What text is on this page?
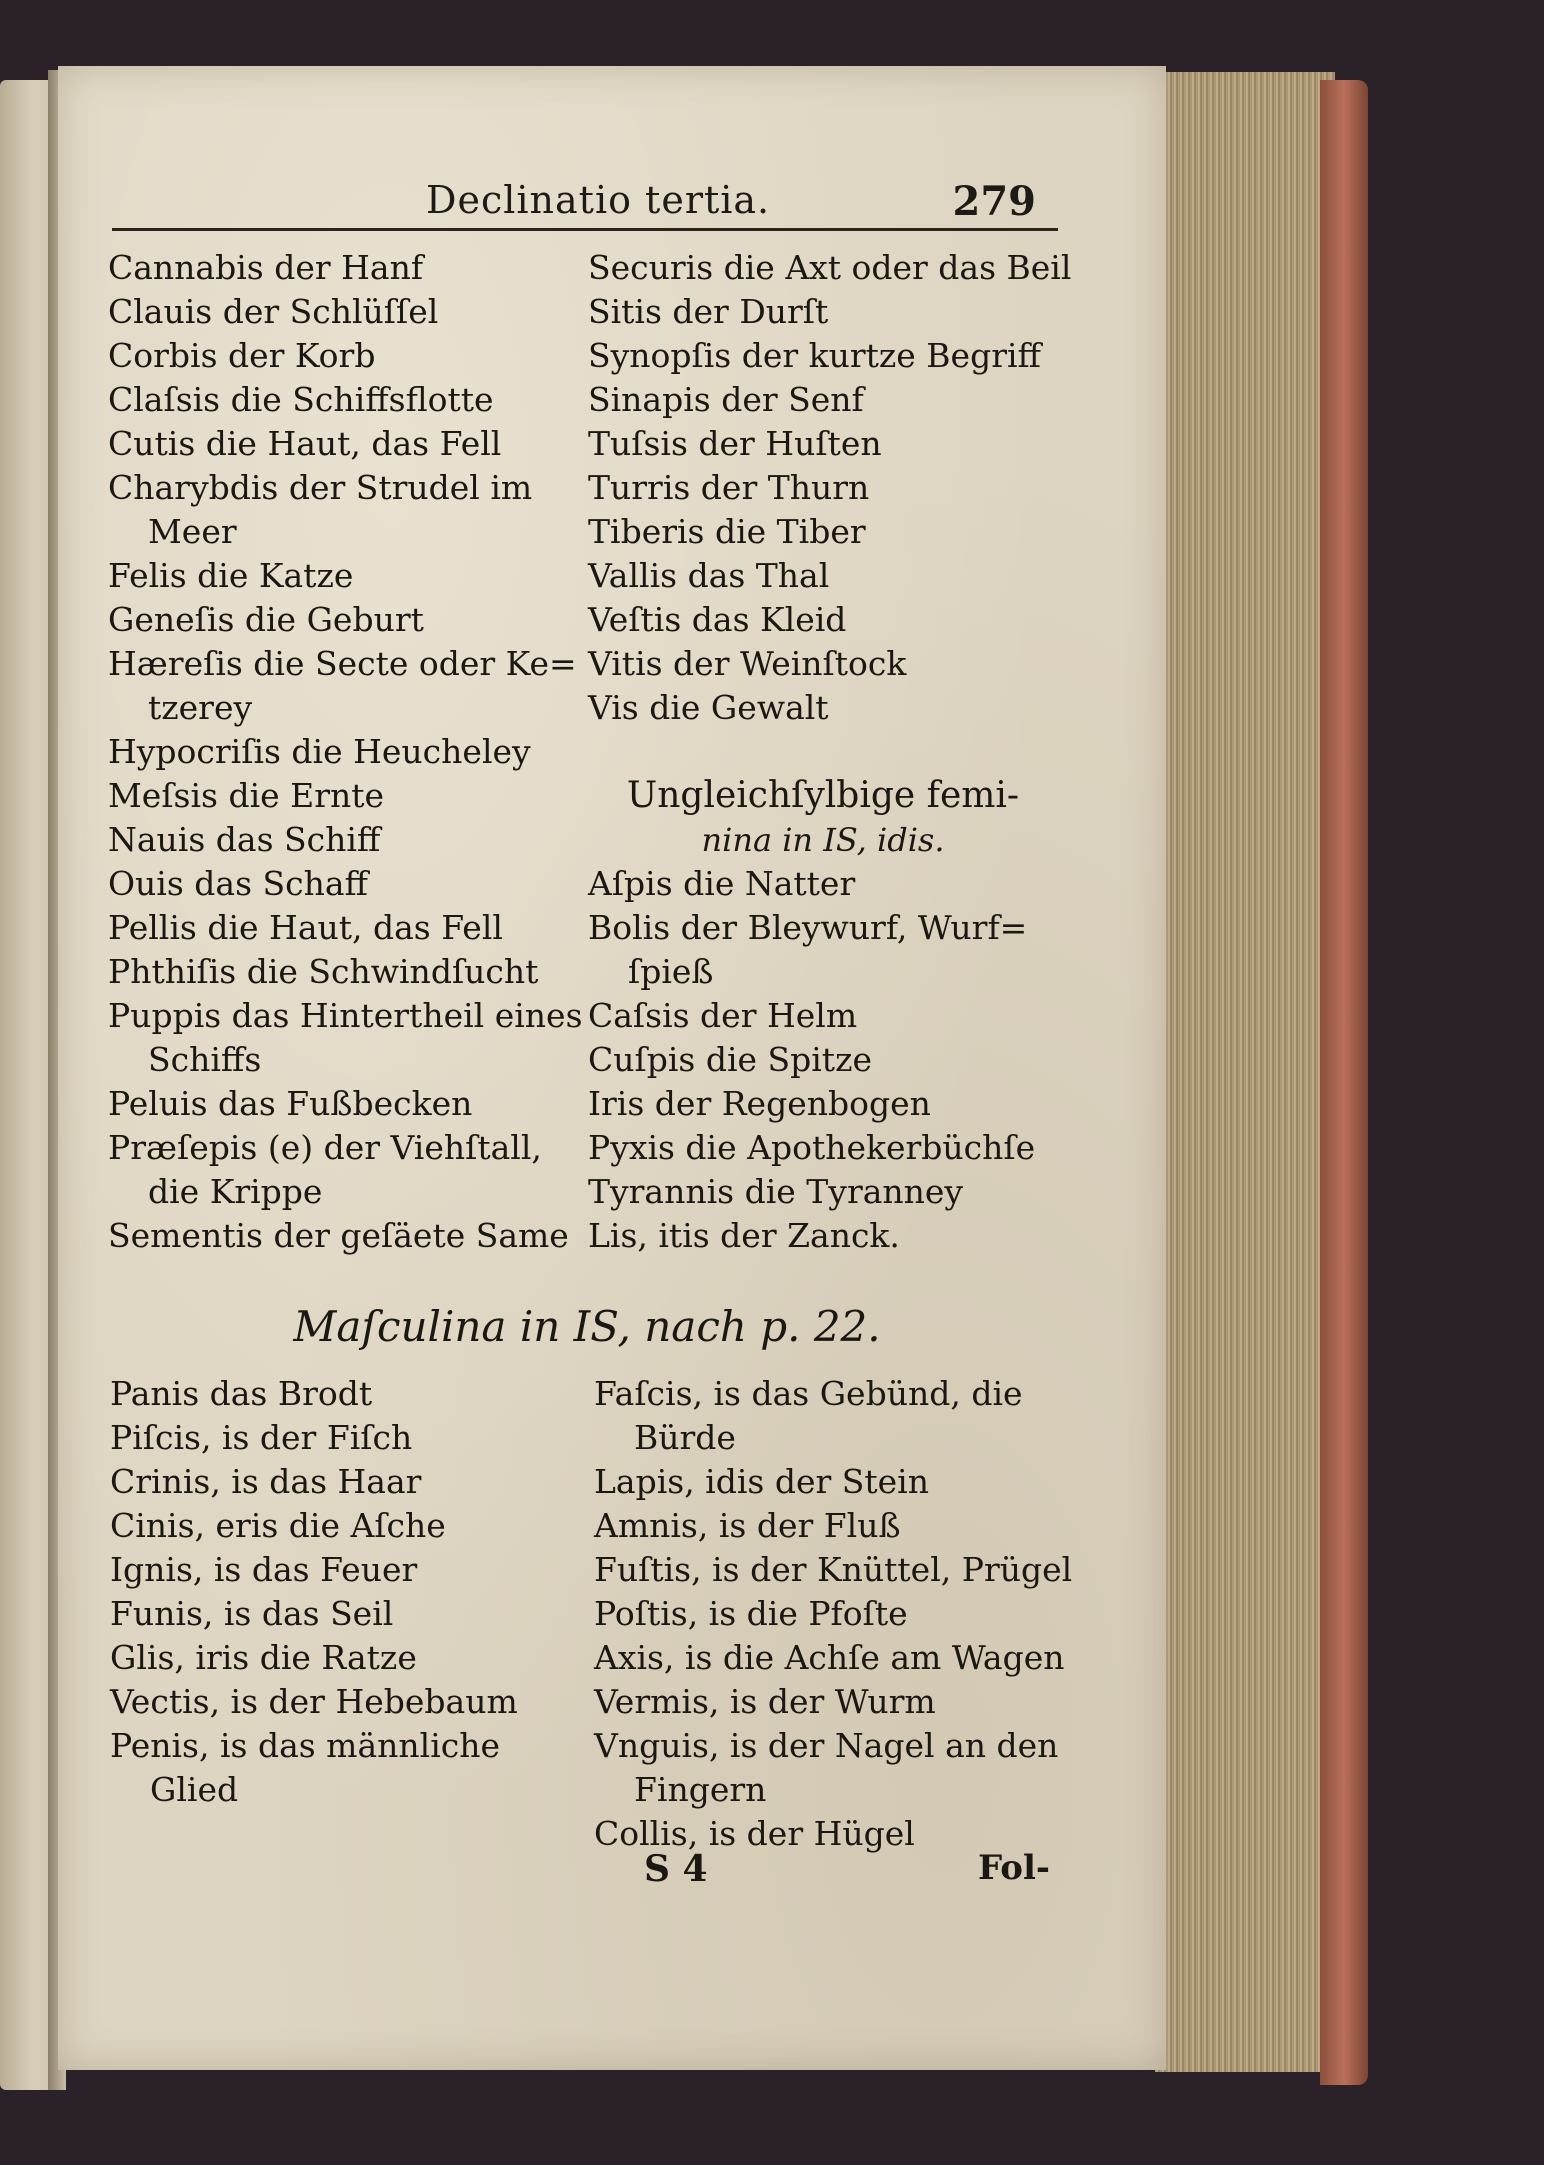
Declinatio tertia.	279
Cannabis der Hanf
Clauis der Schlüſſel
Corbis der Korb
Claſsis die Schiffsflotte
Cutis die Haut, das Fell
Charybdis der Strudel im
Meer
Felis die Katze
Geneſis die Geburt
Hæreſis die Secte oder Ke=
tzerey
Hypocriſis die Heucheley
Meſsis die Ernte
Nauis das Schiff
Ouis das Schaff
Pellis die Haut, das Fell
Phthiſis die Schwindſucht
Puppis das Hintertheil eines
Schiffs
Peluis das Fußbecken
Præſepis (e) der Viehſtall,
die Krippe
Sementis der geſäete Same
Securis die Axt oder das Beil
Sitis der Durſt
Synopſis der kurtze Begriff
Sinapis der Senf
Tuſsis der Huſten
Turris der Thurn
Tiberis die Tiber
Vallis das Thal
Veſtis das Kleid
Vitis der Weinſtock
Vis die Gewalt
Ungleichſylbige femi-
nina in IS, idis.
Aſpis die Natter
Bolis der Bleywurf, Wurf=
ſpieß
Caſsis der Helm
Cuſpis die Spitze
Iris der Regenbogen
Pyxis die Apothekerbüchſe
Tyrannis die Tyranney
Lis, itis der Zanck.
Maſculina in IS, nach p. 22.
Panis das Brodt
Piſcis, is der Fiſch
Crinis, is das Haar
Cinis, eris die Aſche
Ignis, is das Feuer
Funis, is das Seil
Glis, iris die Ratze
Vectis, is der Hebebaum
Penis, is das männliche
Glied
Faſcis, is das Gebünd, die
Bürde
Lapis, idis der Stein
Amnis, is der Fluß
Fuſtis, is der Knüttel, Prügel
Poſtis, is die Pfoſte
Axis, is die Achſe am Wagen
Vermis, is der Wurm
Vnguis, is der Nagel an den
Fingern
Collis, is der Hügel
S 4	Fol-
